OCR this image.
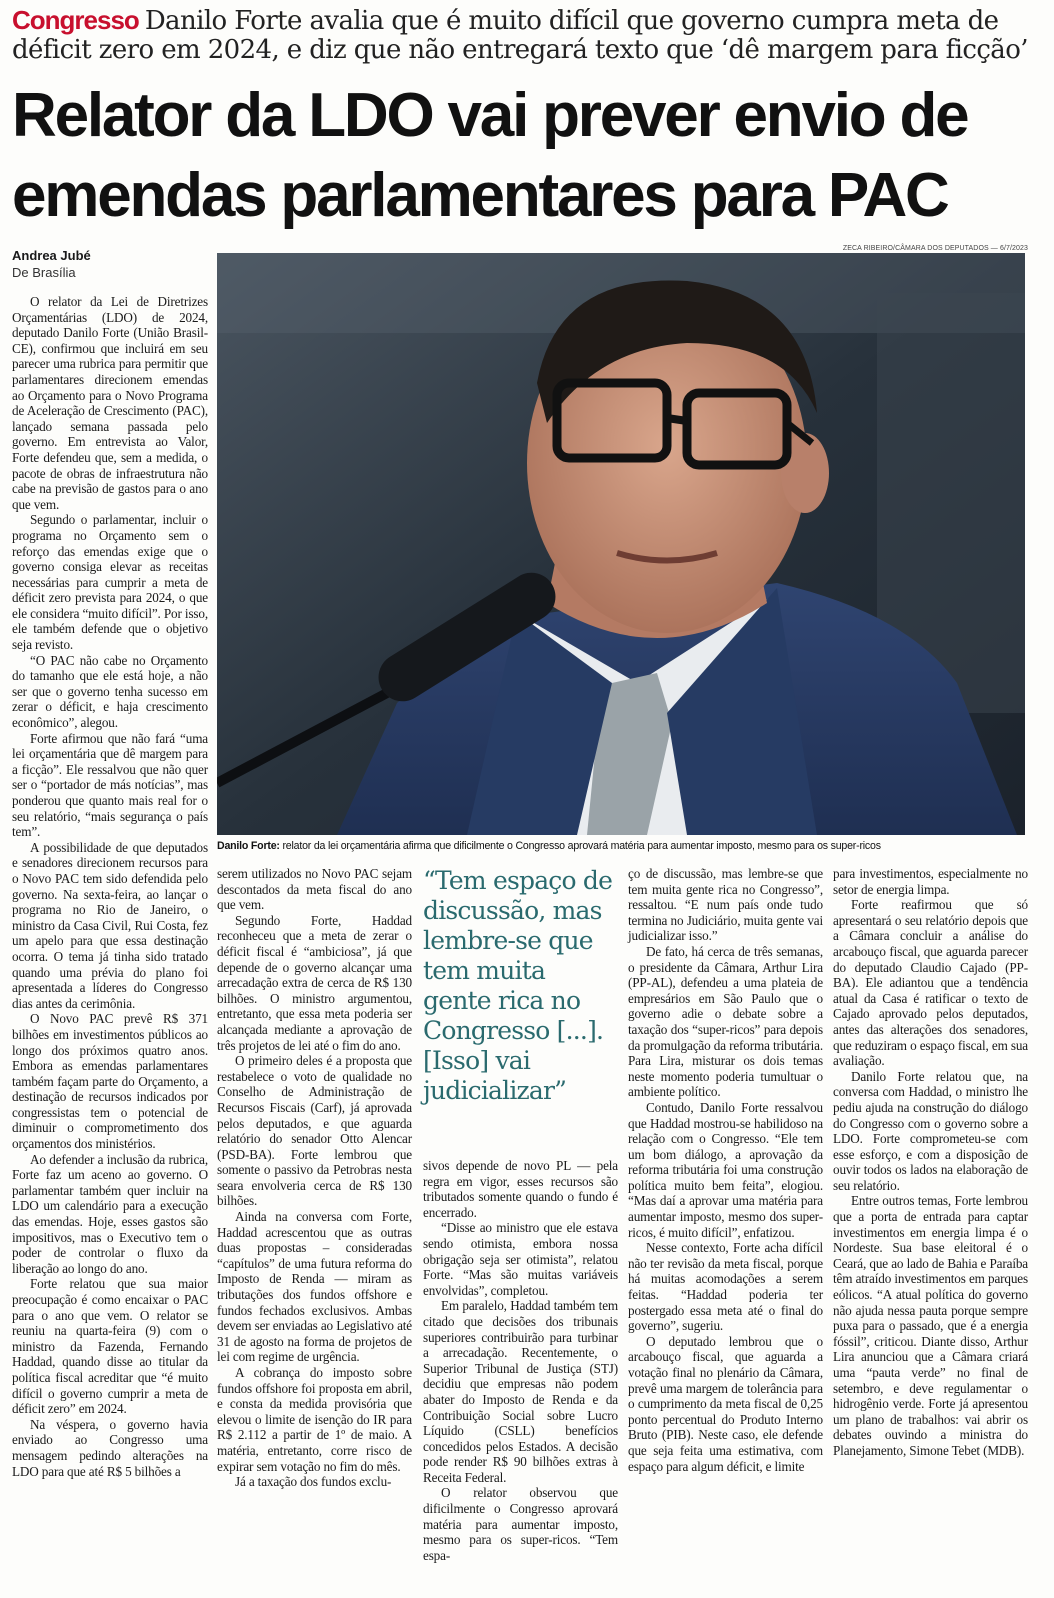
Congresso Danilo Forte avalia que é muito difícil que governo cumpra meta de déficit zero em 2024, e diz que não entregará texto que ‘dê margem para ficção’
Relator da LDO vai prever envio de emendas parlamentares para PAC
Andrea Jubé
De Brasília
ZECA RIBEIRO/CÂMARA DOS DEPUTADOS — 6/7/2023
Danilo Forte: relator da lei orçamentária afirma que dificilmente o Congresso aprovará matéria para aumentar imposto, mesmo para os super-ricos

O relator da Lei de Diretrizes Orçamentárias (LDO) de 2024, deputado Danilo Forte (União Brasil-CE), confirmou que incluirá em seu parecer uma rubrica para permitir que parlamentares direcionem emendas ao Orçamento para o Novo Programa de Aceleração de Crescimento (PAC), lançado semana passada pelo governo. Em entrevista ao Valor, Forte defendeu que, sem a medida, o pacote de obras de infraestrutura não cabe na previsão de gastos para o ano que vem.

Segundo o parlamentar, incluir o programa no Orçamento sem o reforço das emendas exige que o governo consiga elevar as receitas necessárias para cumprir a meta de déficit zero prevista para 2024, o que ele considera “muito difícil”. Por isso, ele também defende que o objetivo seja revisto.

“O PAC não cabe no Orçamento do tamanho que ele está hoje, a não ser que o governo tenha sucesso em zerar o déficit, e haja crescimento econômico”, alegou.

Forte afirmou que não fará “uma lei orçamentária que dê margem para a ficção”. Ele ressalvou que não quer ser o “portador de más notícias”, mas ponderou que quanto mais real for o seu relatório, “mais segurança o país tem”.

A possibilidade de que deputados e senadores direcionem recursos para o Novo PAC tem sido defendida pelo governo. Na sexta-feira, ao lançar o programa no Rio de Janeiro, o ministro da Casa Civil, Rui Costa, fez um apelo para que essa destinação ocorra. O tema já tinha sido tratado quando uma prévia do plano foi apresentada a líderes do Congresso dias antes da cerimônia.

O Novo PAC prevê R$ 371 bilhões em investimentos públicos ao longo dos próximos quatro anos. Embora as emendas parlamentares também façam parte do Orçamento, a destinação de recursos indicados por congressistas tem o potencial de diminuir o comprometimento dos orçamentos dos ministérios.

Ao defender a inclusão da rubrica, Forte faz um aceno ao governo. O parlamentar também quer incluir na LDO um calendário para a execução das emendas. Hoje, esses gastos são impositivos, mas o Executivo tem o poder de controlar o fluxo da liberação ao longo do ano.

Forte relatou que sua maior preocupação é como encaixar o PAC para o ano que vem. O relator se reuniu na quarta-feira (9) com o ministro da Fazenda, Fernando Haddad, quando disse ao titular da política fiscal acreditar que “é muito difícil o governo cumprir a meta de déficit zero” em 2024.

Na véspera, o governo havia enviado ao Congresso uma mensagem pedindo alterações na LDO para que até R$ 5 bilhões a

serem utilizados no Novo PAC sejam descontados da meta fiscal do ano que vem.

Segundo Forte, Haddad reconheceu que a meta de zerar o déficit fiscal é “ambiciosa”, já que depende de o governo alcançar uma arrecadação extra de cerca de R$ 130 bilhões. O ministro argumentou, entretanto, que essa meta poderia ser alcançada mediante a aprovação de três projetos de lei até o fim do ano.

O primeiro deles é a proposta que restabelece o voto de qualidade no Conselho de Administração de Recursos Fiscais (Carf), já aprovada pelos deputados, e que aguarda relatório do senador Otto Alencar (PSD-BA). Forte lembrou que somente o passivo da Petrobras nesta seara envolveria cerca de R$ 130 bilhões.

Ainda na conversa com Forte, Haddad acrescentou que as outras duas propostas – consideradas “capítulos” de uma futura reforma do Imposto de Renda — miram as tributações dos fundos offshore e fundos fechados exclusivos. Ambas devem ser enviadas ao Legislativo até 31 de agosto na forma de projetos de lei com regime de urgência.

A cobrança do imposto sobre fundos offshore foi proposta em abril, e consta da medida provisória que elevou o limite de isenção do IR para R$ 2.112 a partir de 1º de maio. A matéria, entretanto, corre risco de expirar sem votação no fim do mês.

Já a taxação dos fundos exclu-

“Tem espaço de discussão, mas lembre-se que tem muita gente rica no Congresso [...]. [Isso] vai judicializar”

sivos depende de novo PL — pela regra em vigor, esses recursos são tributados somente quando o fundo é encerrado.

“Disse ao ministro que ele estava sendo otimista, embora nossa obrigação seja ser otimista”, relatou Forte. “Mas são muitas variáveis envolvidas”, completou.

Em paralelo, Haddad também tem citado que decisões dos tribunais superiores contribuirão para turbinar a arrecadação. Recentemente, o Superior Tribunal de Justiça (STJ) decidiu que empresas não podem abater do Imposto de Renda e da Contribuição Social sobre Lucro Líquido (CSLL) benefícios concedidos pelos Estados. A decisão pode render R$ 90 bilhões extras à Receita Federal.

O relator observou que dificilmente o Congresso aprovará matéria para aumentar imposto, mesmo para os super-ricos. “Tem espa-

ço de discussão, mas lembre-se que tem muita gente rica no Congresso”, ressaltou. “E num país onde tudo termina no Judiciário, muita gente vai judicializar isso.”

De fato, há cerca de três semanas, o presidente da Câmara, Arthur Lira (PP-AL), defendeu a uma plateia de empresários em São Paulo que o governo adie o debate sobre a taxação dos “super-ricos” para depois da promulgação da reforma tributária. Para Lira, misturar os dois temas neste momento poderia tumultuar o ambiente político.

Contudo, Danilo Forte ressalvou que Haddad mostrou-se habilidoso na relação com o Congresso. “Ele tem um bom diálogo, a aprovação da reforma tributária foi uma construção política muito bem feita”, elogiou. “Mas daí a aprovar uma matéria para aumentar imposto, mesmo dos super-ricos, é muito difícil”, enfatizou.

Nesse contexto, Forte acha difícil não ter revisão da meta fiscal, porque há muitas acomodações a serem feitas. “Haddad poderia ter postergado essa meta até o final do governo”, sugeriu.

O deputado lembrou que o arcabouço fiscal, que aguarda a votação final no plenário da Câmara, prevê uma margem de tolerância para o cumprimento da meta fiscal de 0,25 ponto percentual do Produto Interno Bruto (PIB). Neste caso, ele defende que seja feita uma estimativa, com espaço para algum déficit, e limite

para investimentos, especialmente no setor de energia limpa.

Forte reafirmou que só apresentará o seu relatório depois que a Câmara concluir a análise do arcabouço fiscal, que aguarda parecer do deputado Claudio Cajado (PP-BA). Ele adiantou que a tendência atual da Casa é ratificar o texto de Cajado aprovado pelos deputados, antes das alterações dos senadores, que reduziram o espaço fiscal, em sua avaliação.

Danilo Forte relatou que, na conversa com Haddad, o ministro lhe pediu ajuda na construção do diálogo do Congresso com o governo sobre a LDO. Forte comprometeu-se com esse esforço, e com a disposição de ouvir todos os lados na elaboração de seu relatório.

Entre outros temas, Forte lembrou que a porta de entrada para captar investimentos em energia limpa é o Nordeste. Sua base eleitoral é o Ceará, que ao lado de Bahia e Paraíba têm atraído investimentos em parques eólicos. “A atual política do governo não ajuda nessa pauta porque sempre puxa para o passado, que é a energia fóssil”, criticou. Diante disso, Arthur Lira anunciou que a Câmara criará uma “pauta verde” no final de setembro, e deve regulamentar o hidrogênio verde. Forte já apresentou um plano de trabalhos: vai abrir os debates ouvindo a ministra do Planejamento, Simone Tebet (MDB).
